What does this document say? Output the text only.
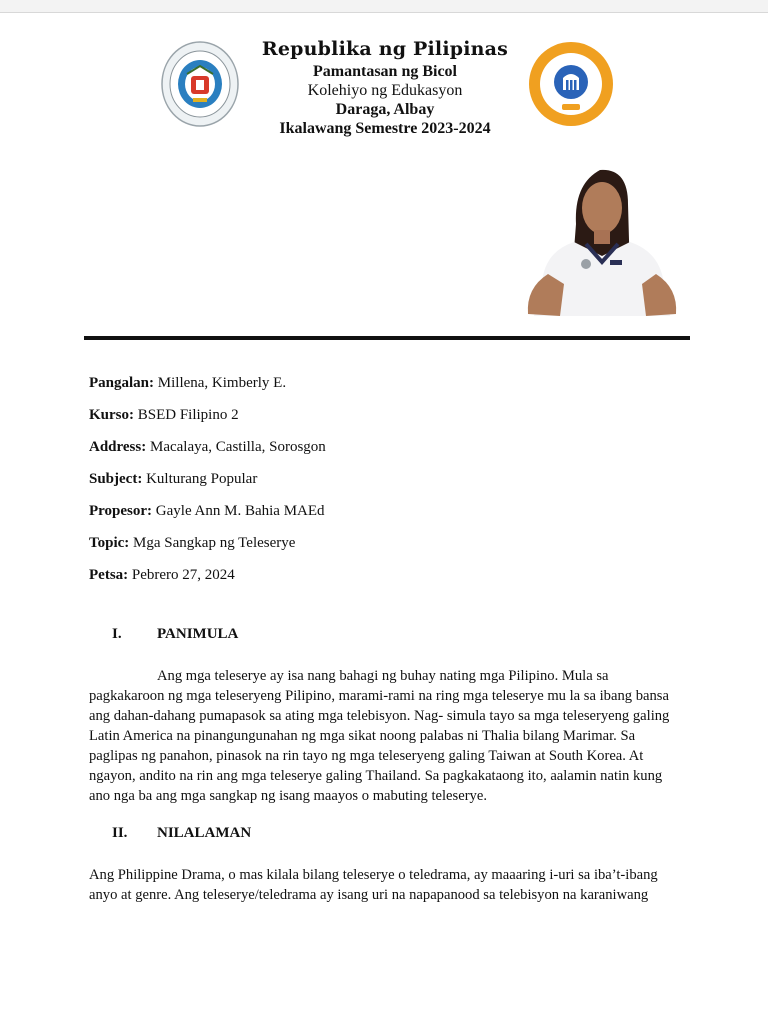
Republika ng Pilipinas
Pamantasan ng Bicol
Kolehiyo ng Edukasyon
Daraga, Albay
Ikalawang Semestre 2023-2024
Pangalan: Millena, Kimberly E.
Kurso: BSED Filipino 2
Address: Macalaya, Castilla, Sorosgon
Subject: Kulturang Popular
Propesor: Gayle Ann M. Bahia MAEd
Topic: Mga Sangkap ng Teleserye
Petsa: Pebrero 27, 2024
I. PANIMULA
Ang mga teleserye ay isa nang bahagi ng buhay nating mga Pilipino. Mula sa pagkakaroon ng mga teleseryeng Pilipino, marami-rami na ring mga teleserye mu la sa ibang bansa ang dahan-dahang pumapasok sa ating mga telebisyon. Nag- simula tayo sa mga teleseryeng galing Latin America na pinangungunahan ng mga sikat noong palabas ni Thalia bilang Marimar. Sa paglipas ng panahon, pinasok na rin tayo ng mga teleseryeng galing Taiwan at South Korea. At ngayon, andito na rin ang mga teleserye galing Thailand. Sa pagkakataong ito, aalamin natin kung ano nga ba ang mga sangkap ng isang maayos o mabuting teleserye.
II. NILALAMAN
Ang Philippine Drama, o mas kilala bilang teleserye o teledrama, ay maaaring i-uri sa iba’t-ibang anyo at genre. Ang teleserye/teledrama ay isang uri na napapanood sa telebisyon na karaniwang
